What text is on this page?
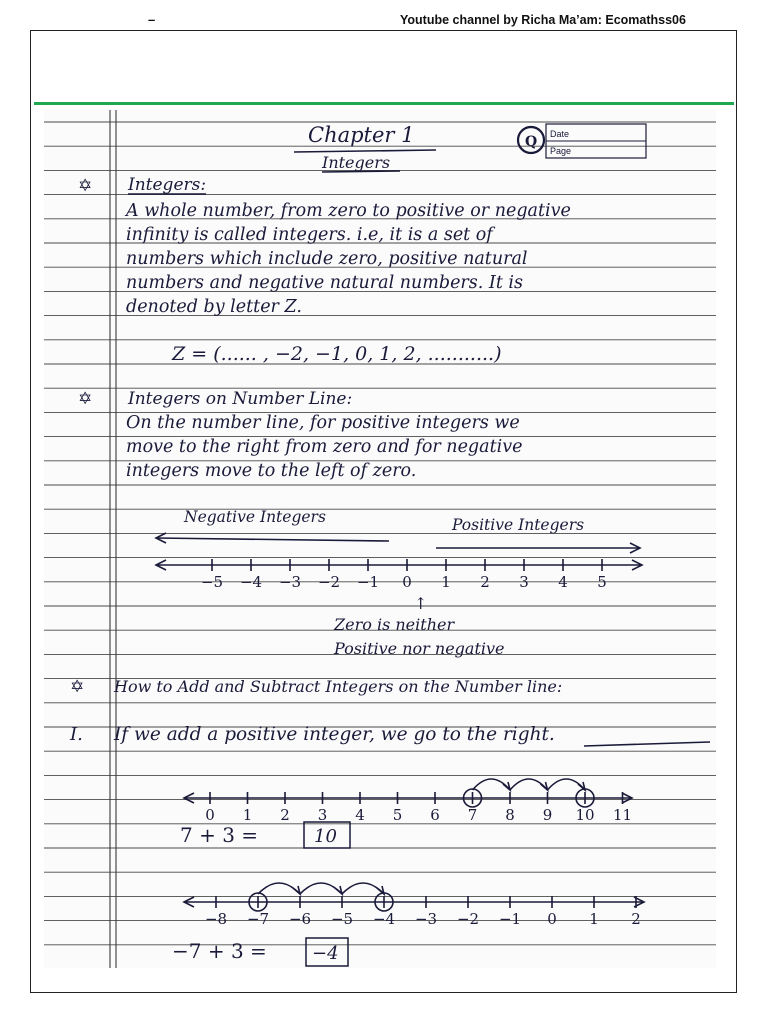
–	Youtube channel by Richa Ma’am: Ecomathss06
Q Date
Page
Chapter 1
Integers
✡ Integers:
A whole number, from zero to positive or negative
infinity is called integers. i.e, it is a set of
numbers which include zero, positive natural
numbers and negative natural numbers. It is
denoted by letter Z.
Z = (...... , −2, −1, 0, 1, 2, ...........)
✡ Integers on Number Line:
On the number line, for positive integers we
move to the right from zero and for negative
integers move to the left of zero.
Negative Integers	Positive Integers
−5 −4 −3 −2 −1 0 1 2 3 4 5
↑
Zero is neither
Positive nor negative
✡ How to Add and Subtract Integers on the Number line:
I. If we add a positive integer, we go to the right.
0 1 2 3 4 5 6 7 8 9 10 11
7 + 3 =	10
−8 −7 −6 −5 −4 −3 −2 −1 0 1 2
−7 + 3 =	−4
